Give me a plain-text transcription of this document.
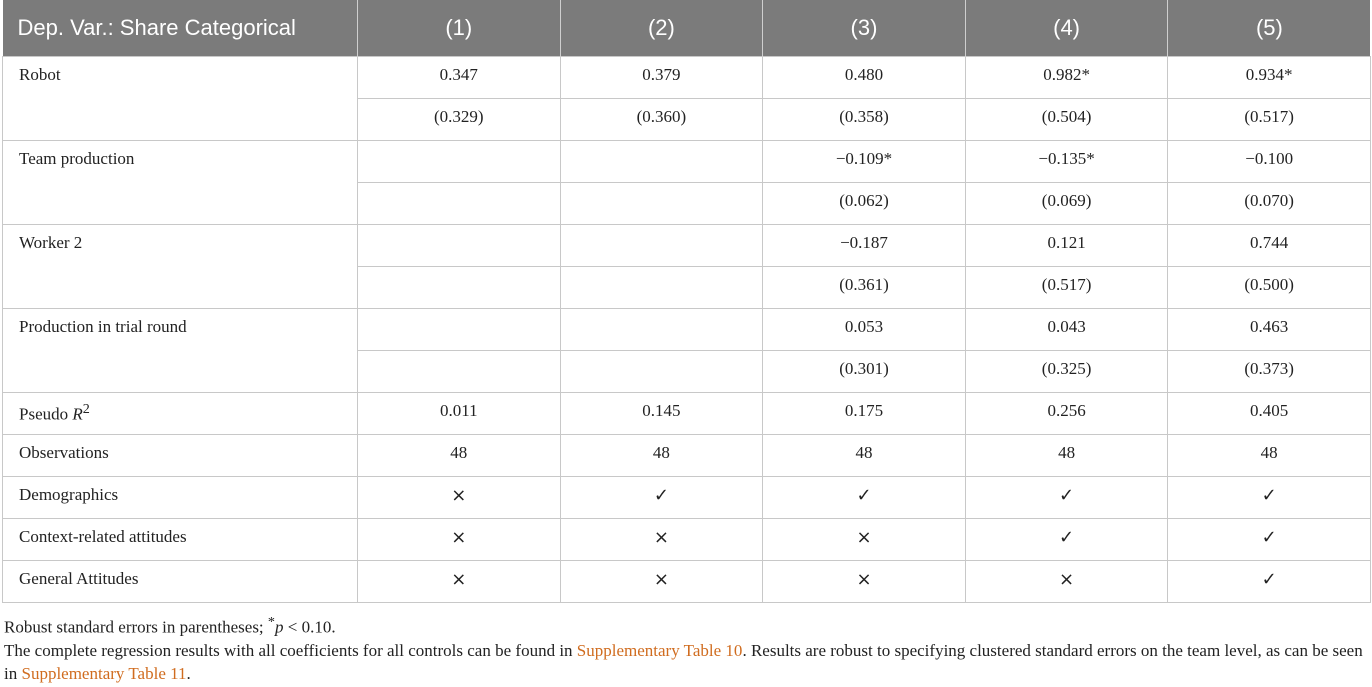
Dep. Var.: Share Categorical	(1)	(2)	(3)	(4)	(5)
Robot	0.347	0.379	0.480	0.982*	0.934*
	(0.329)	(0.360)	(0.358)	(0.504)	(0.517)
Team production			−0.109*	−0.135*	−0.100
			(0.062)	(0.069)	(0.070)
Worker 2			−0.187	0.121	0.744
			(0.361)	(0.517)	(0.500)
Production in trial round			0.053	0.043	0.463
			(0.301)	(0.325)	(0.373)
Pseudo $R^2$	0.011	0.145	0.175	0.256	0.405
Observations	48	48	48	48	48
Demographics	×	✓	✓	✓	✓
Context-related attitudes	×	×	×	✓	✓
General Attitudes	×	×	×	×	✓
Robust standard errors in parentheses; *p < 0.10.
The complete regression results with all coefficients for all controls can be found in Supplementary Table 10. Results are robust to specifying clustered standard errors on the team level, as can be seen in Supplementary Table 11.
